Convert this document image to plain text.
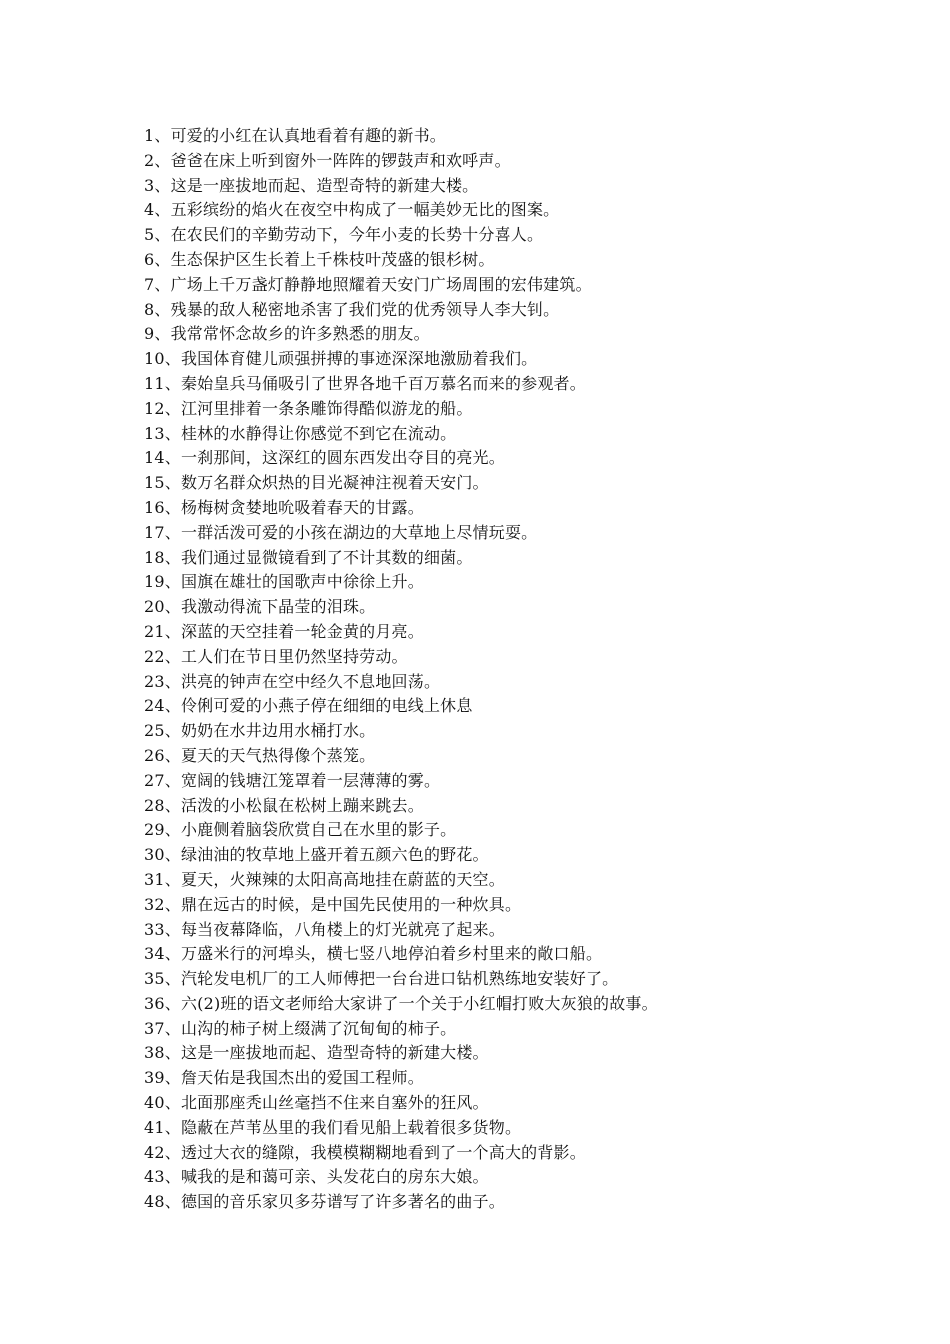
1、可爱的小红在认真地看着有趣的新书。
2、爸爸在床上听到窗外一阵阵的锣鼓声和欢呼声。
3、这是一座拔地而起、造型奇特的新建大楼。
4、五彩缤纷的焰火在夜空中构成了一幅美妙无比的图案。
5、在农民们的辛勤劳动下，今年小麦的长势十分喜人。
6、生态保护区生长着上千株枝叶茂盛的银杉树。
7、广场上千万盏灯静静地照耀着天安门广场周围的宏伟建筑。
8、残暴的敌人秘密地杀害了我们党的优秀领导人李大钊。
9、我常常怀念故乡的许多熟悉的朋友。
10、我国体育健儿顽强拼搏的事迹深深地激励着我们。
11、秦始皇兵马俑吸引了世界各地千百万慕名而来的参观者。
12、江河里排着一条条雕饰得酷似游龙的船。
13、桂林的水静得让你感觉不到它在流动。
14、一刹那间，这深红的圆东西发出夺目的亮光。
15、数万名群众炽热的目光凝神注视着天安门。
16、杨梅树贪婪地吮吸着春天的甘露。
17、一群活泼可爱的小孩在湖边的大草地上尽情玩耍。
18、我们通过显微镜看到了不计其数的细菌。
19、国旗在雄壮的国歌声中徐徐上升。
20、我激动得流下晶莹的泪珠。
21、深蓝的天空挂着一轮金黄的月亮。
22、工人们在节日里仍然坚持劳动。
23、洪亮的钟声在空中经久不息地回荡。
24、伶俐可爱的小燕子停在细细的电线上休息
25、奶奶在水井边用水桶打水。
26、夏天的天气热得像个蒸笼。
27、宽阔的钱塘江笼罩着一层薄薄的雾。
28、活泼的小松鼠在松树上蹦来跳去。
29、小鹿侧着脑袋欣赏自己在水里的影子。
30、绿油油的牧草地上盛开着五颜六色的野花。
31、夏天，火辣辣的太阳高高地挂在蔚蓝的天空。
32、鼎在远古的时候，是中国先民使用的一种炊具。
33、每当夜幕降临，八角楼上的灯光就亮了起来。
34、万盛米行的河埠头，横七竖八地停泊着乡村里来的敞口船。
35、汽轮发电机厂的工人师傅把一台台进口钻机熟练地安装好了。
36、六(2)班的语文老师给大家讲了一个关于小红帽打败大灰狼的故事。
37、山沟的柿子树上缀满了沉甸甸的柿子。
38、这是一座拔地而起、造型奇特的新建大楼。
39、詹天佑是我国杰出的爱国工程师。
40、北面那座秃山丝毫挡不住来自塞外的狂风。
41、隐蔽在芦苇丛里的我们看见船上载着很多货物。
42、透过大衣的缝隙，我模模糊糊地看到了一个高大的背影。
43、喊我的是和蔼可亲、头发花白的房东大娘。
48、德国的音乐家贝多芬谱写了许多著名的曲子。
